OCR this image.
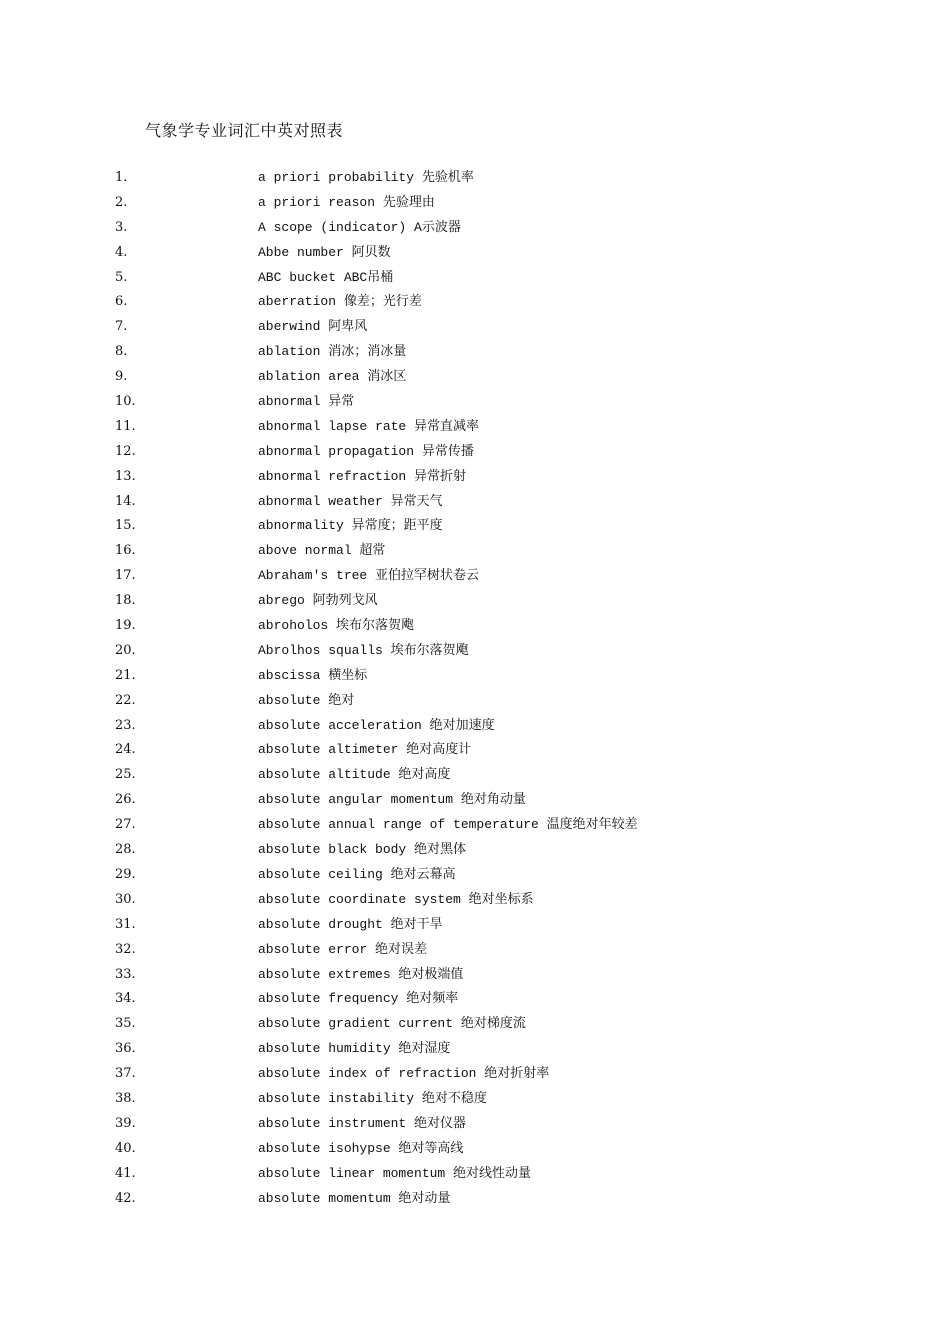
气象学专业词汇中英对照表
1.	a priori probability 先验机率
2.	a priori reason 先验理由
3.	A scope (indicator) A示波器
4.	Abbe number 阿贝数
5.	ABC bucket ABC吊桶
6.	aberration 像差；光行差
7.	aberwind 阿卑风
8.	ablation 消冰；消冰量
9.	ablation area 消冰区
10.	abnormal 异常
11.	abnormal lapse rate 异常直减率
12.	abnormal propagation 异常传播
13.	abnormal refraction 异常折射
14.	abnormal weather 异常天气
15.	abnormality 异常度；距平度
16.	above normal 超常
17.	Abraham's tree 亚伯拉罕树状卷云
18.	abrego 阿勃列戈风
19.	abroholos 埃布尔落贺飑
20.	Abrolhos squalls 埃布尔落贺飑
21.	abscissa 横坐标
22.	absolute 绝对
23.	absolute acceleration 绝对加速度
24.	absolute altimeter 绝对高度计
25.	absolute altitude 绝对高度
26.	absolute angular momentum 绝对角动量
27.	absolute annual range of temperature 温度绝对年较差
28.	absolute black body 绝对黑体
29.	absolute ceiling 绝对云幕高
30.	absolute coordinate system 绝对坐标系
31.	absolute drought 绝对干旱
32.	absolute error 绝对误差
33.	absolute extremes 绝对极端值
34.	absolute frequency 绝对频率
35.	absolute gradient current 绝对梯度流
36.	absolute humidity 绝对湿度
37.	absolute index of refraction 绝对折射率
38.	absolute instability 绝对不稳度
39.	absolute instrument 绝对仪器
40.	absolute isohypse 绝对等高线
41.	absolute linear momentum 绝对线性动量
42.	absolute momentum 绝对动量
